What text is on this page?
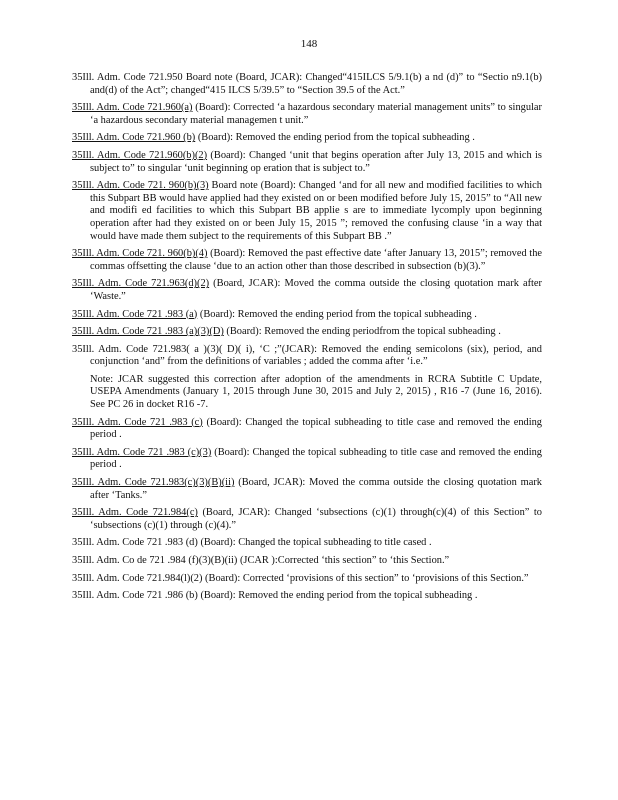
148

35Ill. Adm. Code 721.950 Board note (Board, JCAR): Changed“415ILCS 5/9.1(b) a nd (d)” to “Sectio n9.1(b) and(d) of the Act”; changed“415 ILCS 5/39.5” to “Section 39.5 of the Act.”

35Ill. Adm. Code 721.960(a) (Board): Corrected ‘a hazardous secondary material management units” to singular ‘a hazardous secondary material managemen t unit.”

35Ill. Adm. Code 721.960 (b) (Board): Removed the ending period from the topical subheading .

35Ill. Adm. Code 721.960(b)(2) (Board): Changed ‘unit that begins operation after July 13, 2015 and which is subject to” to singular ‘unit beginning op eration that is subject to.”

35Ill. Adm. Code 721. 960(b)(3) Board note (Board): Changed ‘and for all new and modified facilities to which this Subpart BB would have applied had they existed on or been modified before July 15, 2015” to “All new and modifi ed facilities to which this Subpart BB applie s are to immediate lycomply upon beginning operation after had they existed on or been July 15, 2015 ”; removed the confusing clause ‘in a way that would have made them subject to the requirements of this Subpart BB .”

35Ill. Adm. Code 721. 960(b)(4) (Board): Removed the past effective date ‘after January 13, 2015”; removed the commas offsetting the clause ‘due to an action other than those described in subsection (b)(3).”

35Ill. Adm. Code 721.963(d)(2) (Board, JCAR): Moved the comma outside the closing quotation mark after ‘Waste.”

35Ill. Adm. Code 721 .983 (a) (Board): Removed the ending period from the topical subheading .

35Ill. Adm. Code 721 .983 (a)(3)(D) (Board): Removed the ending periodfrom the topical subheading .

35Ill. Adm. Code 721.983( a )(3)( D)( i), ‘C ;”(JCAR): Removed the ending semicolons (six), period, and conjunction ‘and” from the definitions of variables ; added the comma after ‘i.e.”

Note: JCAR suggested this correction after adoption of the amendments in RCRA Subtitle C Update, USEPA Amendments (January 1, 2015 through June 30, 2015 and July 2, 2015) , R16 -7 (June 16, 2016). See PC 26 in docket R16 -7.

35Ill. Adm. Code 721 .983 (c) (Board): Changed the topical subheading to title case and removed the ending period .

35Ill. Adm. Code 721 .983 (c)(3) (Board): Changed the topical subheading to title case and removed the ending period .

35Ill. Adm. Code 721.983(c)(3)(B)(ii) (Board, JCAR): Moved the comma outside the closing quotation mark after ‘Tanks.”

35Ill. Adm. Code 721.984(c) (Board, JCAR): Changed ‘subsections (c)(1) through(c)(4) of this Section” to ‘subsections (c)(1) through (c)(4).”

35Ill. Adm. Code 721 .983 (d) (Board): Changed the topical subheading to title cased .

35Ill. Adm. Co de 721 .984 (f)(3)(B)(ii) (JCAR ):Corrected ‘this section” to ‘this Section.”

35Ill. Adm. Code 721.984(l)(2) (Board): Corrected ‘provisions of this section” to ‘provisions of this Section.”

35Ill. Adm. Code 721 .986 (b) (Board): Removed the ending period from the topical subheading .
